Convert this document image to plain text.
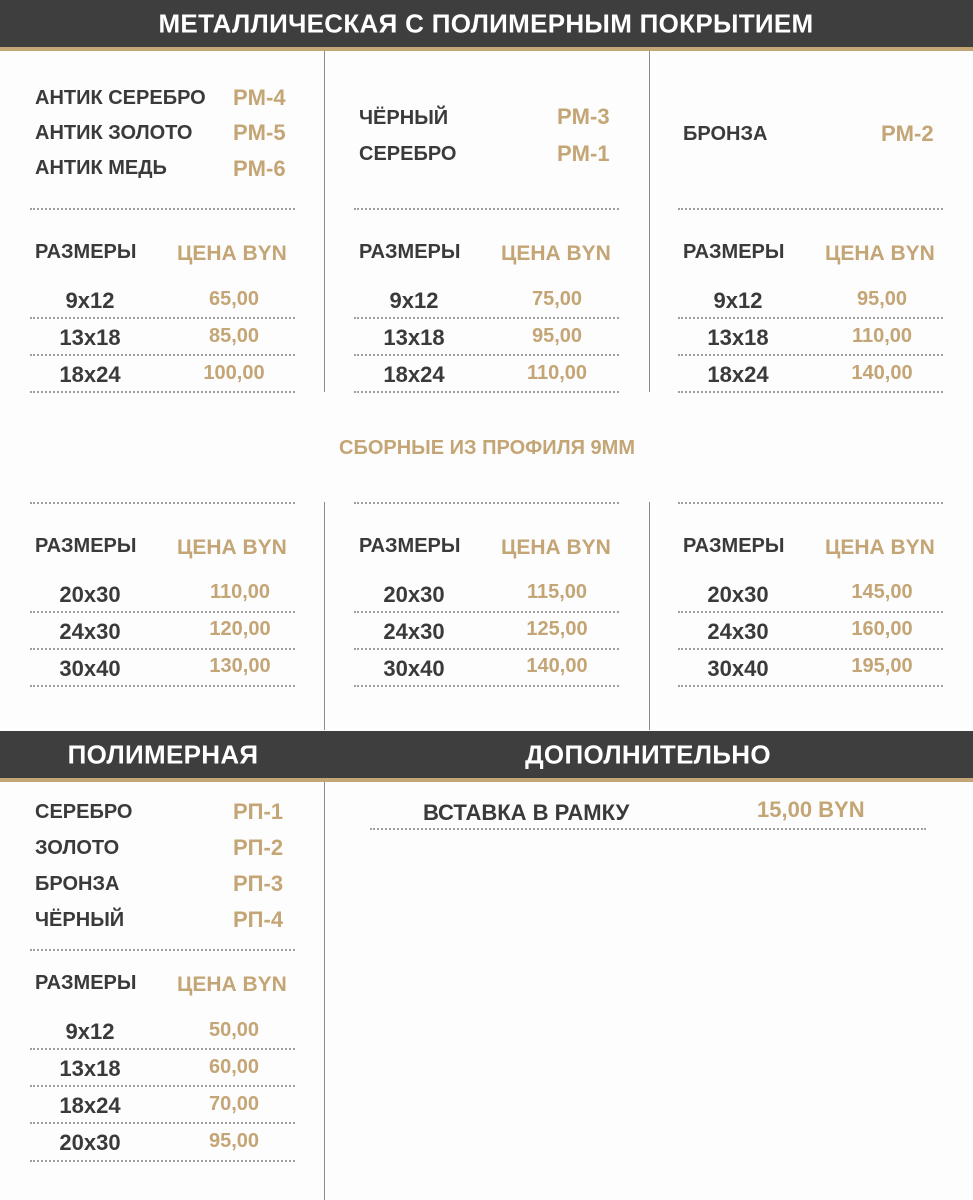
МЕТАЛЛИЧЕСКАЯ С ПОЛИМЕРНЫМ ПОКРЫТИЕМ
АНТИК СЕРЕБРО PM-4
АНТИК ЗОЛОТО PM-5
АНТИК МЕДЬ	PM-6
ЧЁРНЫЙ	PM-3
СЕРЕБРО	PM-1
БРОНЗА	PM-2
РАЗМЕРЫ ЦЕНА BYN
9x12	65,00
13x18	85,00
18x24	100,00
РАЗМЕРЫ ЦЕНА BYN
9x12	75,00
13x18	95,00
18x24	110,00
РАЗМЕРЫ ЦЕНА BYN
9x12	95,00
13x18	110,00
18x24	140,00
СБОРНЫЕ ИЗ ПРОФИЛЯ 9ММ
РАЗМЕРЫ ЦЕНА BYN
20x30	110,00
24x30	120,00
30x40	130,00
РАЗМЕРЫ ЦЕНА BYN
20x30	115,00
24x30	125,00
30x40	140,00
РАЗМЕРЫ ЦЕНА BYN
20x30	145,00
24x30	160,00
30x40	195,00
ПОЛИМЕРНАЯ	ДОПОЛНИТЕЛЬНО
СЕРЕБРО	РП-1
ЗОЛОТО	РП-2
БРОНЗА	РП-3
ЧЁРНЫЙ	РП-4
РАЗМЕРЫ ЦЕНА BYN
9x12	50,00
13x18	60,00
18x24	70,00
20x30	95,00
ВСТАВКА В РАМКУ	15,00 BYN
